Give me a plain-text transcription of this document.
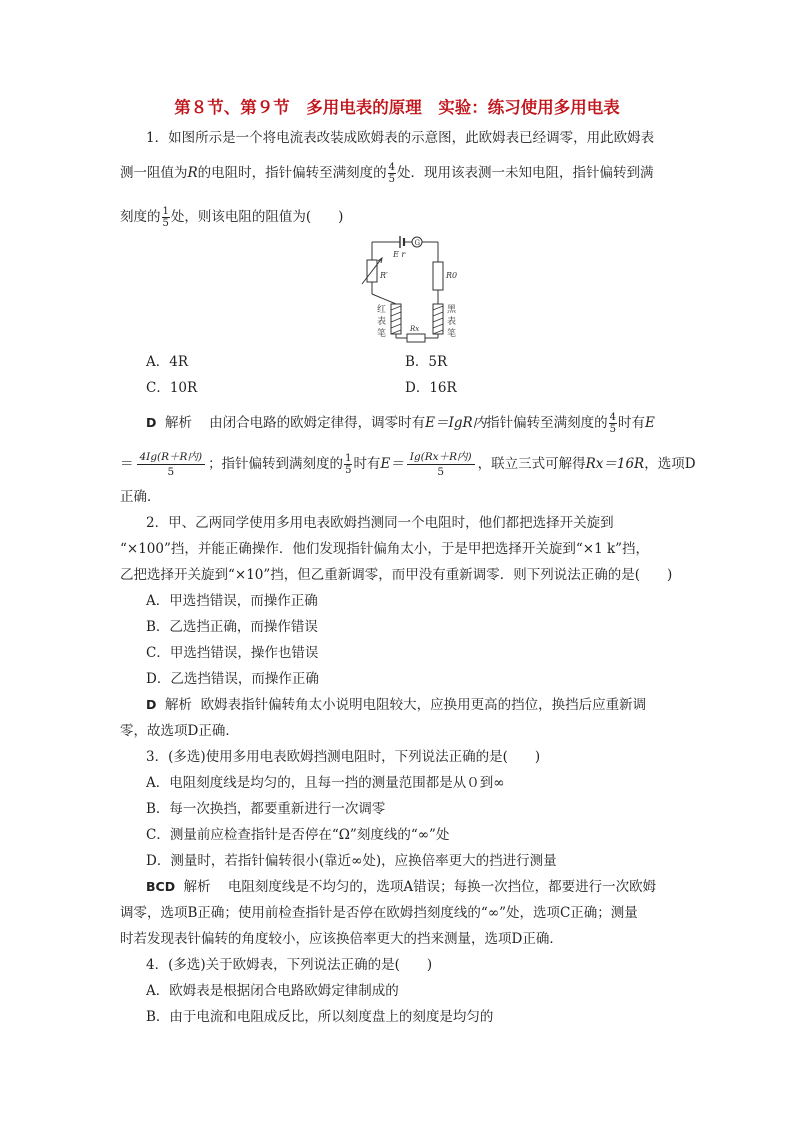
第８节、第９节　多用电表的原理　实验：练习使用多用电表
1．如图所示是一个将电流表改装成欧姆表的示意图，此欧姆表已经调零，用此欧姆表
测一阻值为R的电阻时，指针偏转至满刻度的 $\frac{4}{5}$ 处．现用该表测一未知电阻，指针偏转到满
刻度的 $\frac{1}{5}$ 处，则该电阻的阻值为(　　)
E r
G
R′	R0
Rx
红
表
笔
黑
表
笔
A．4R	B．5R
C．10R	D．16R
D 解析 由闭合电路的欧姆定律得，调零时有E＝IgR内指针偏转至满刻度的 $\frac{4}{5}$ 时有E
＝ $\frac{\text{4Ig(R＋R内)}}{5}$ ；指针偏转到满刻度的 $\frac{1}{5}$ 时有$E= \frac{\text{Ig(Rx＋R内)}}{5}$ ，联立三式可解得Rx＝16R，选项D
正确．
2．甲、乙两同学使用多用电表欧姆挡测同一个电阻时，他们都把选择开关旋到
“×100”挡，并能正确操作．他们发现指针偏角太小，于是甲把选择开关旋到“×1 k”挡，
乙把选择开关旋到“×10”挡，但乙重新调零，而甲没有重新调零．则下列说法正确的是(　　)
A．甲选挡错误，而操作正确
B．乙选挡正确，而操作错误
C．甲选挡错误，操作也错误
D．乙选挡错误，而操作正确
D 解析 欧姆表指针偏转角太小说明电阻较大，应换用更高的挡位，换挡后应重新调
零，故选项D正确．
3．(多选)使用多用电表欧姆挡测电阻时，下列说法正确的是(　　)
A．电阻刻度线是均匀的，且每一挡的测量范围都是从０到∞
B．每一次换挡，都要重新进行一次调零
C．测量前应检查指针是否停在“Ω”刻度线的“∞”处
D．测量时，若指针偏转很小(靠近∞处)，应换倍率更大的挡进行测量
BCD 解析 电阻刻度线是不均匀的，选项A错误；每换一次挡位，都要进行一次欧姆
调零，选项B正确；使用前检查指针是否停在欧姆挡刻度线的“∞”处，选项C正确；测量
时若发现表针偏转的角度较小，应该换倍率更大的挡来测量，选项D正确．
4．(多选)关于欧姆表，下列说法正确的是(　　)
A．欧姆表是根据闭合电路欧姆定律制成的
B．由于电流和电阻成反比，所以刻度盘上的刻度是均匀的
